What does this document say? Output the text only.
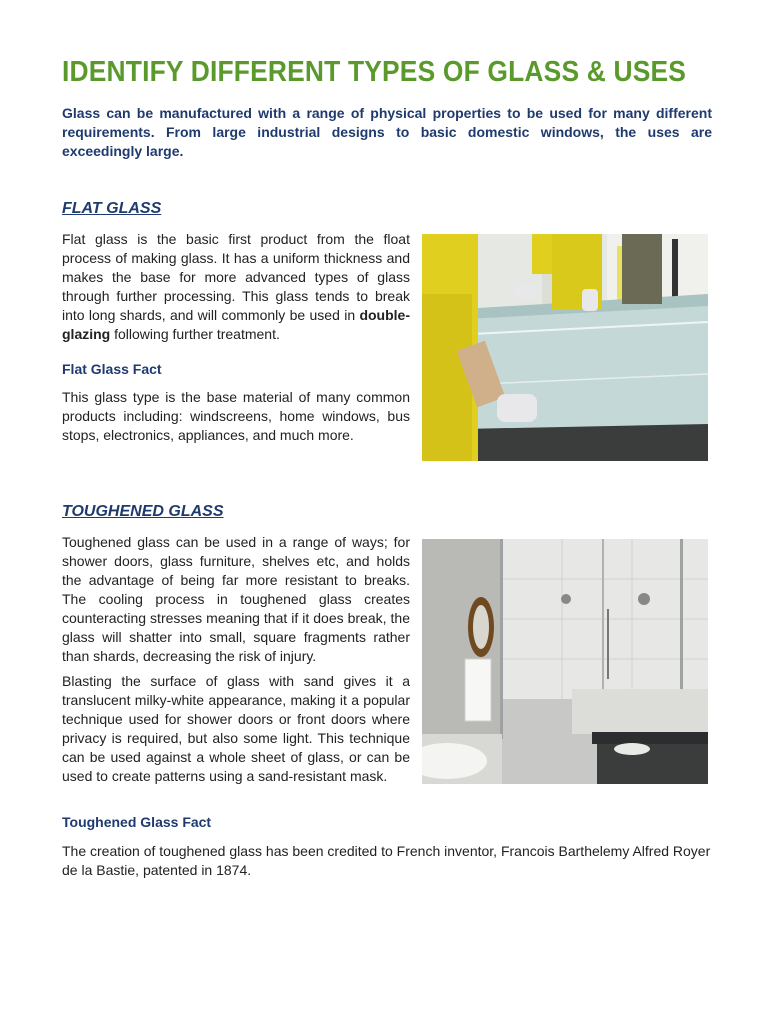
IDENTIFY DIFFERENT TYPES OF GLASS & USES
Glass can be manufactured with a range of physical properties to be used for many different requirements. From large industrial designs to basic domestic windows, the uses are exceedingly large.
FLAT GLASS
Flat glass is the basic first product from the float process of making glass. It has a uniform thickness and makes the base for more advanced types of glass through further processing. This glass tends to break into long shards, and will commonly be used in double-glazing following further treatment.
Flat Glass Fact
This glass type is the base material of many common products including: windscreens, home windows, bus stops, electronics, appliances, and much more.
TOUGHENED GLASS
Toughened glass can be used in a range of ways; for shower doors, glass furniture, shelves etc, and holds the advantage of being far more resistant to breaks. The cooling process in toughened glass creates counteracting stresses meaning that if it does break, the glass will shatter into small, square fragments rather than shards, decreasing the risk of injury.
Blasting the surface of glass with sand gives it a translucent milky-white appearance, making it a popular technique used for shower doors or front doors where privacy is required, but also some light. This technique can be used against a whole sheet of glass, or can be used to create patterns using a sand-resistant mask.
Toughened Glass Fact
The creation of toughened glass has been credited to French inventor, Francois Barthelemy Alfred Royer de la Bastie, patented in 1874.
